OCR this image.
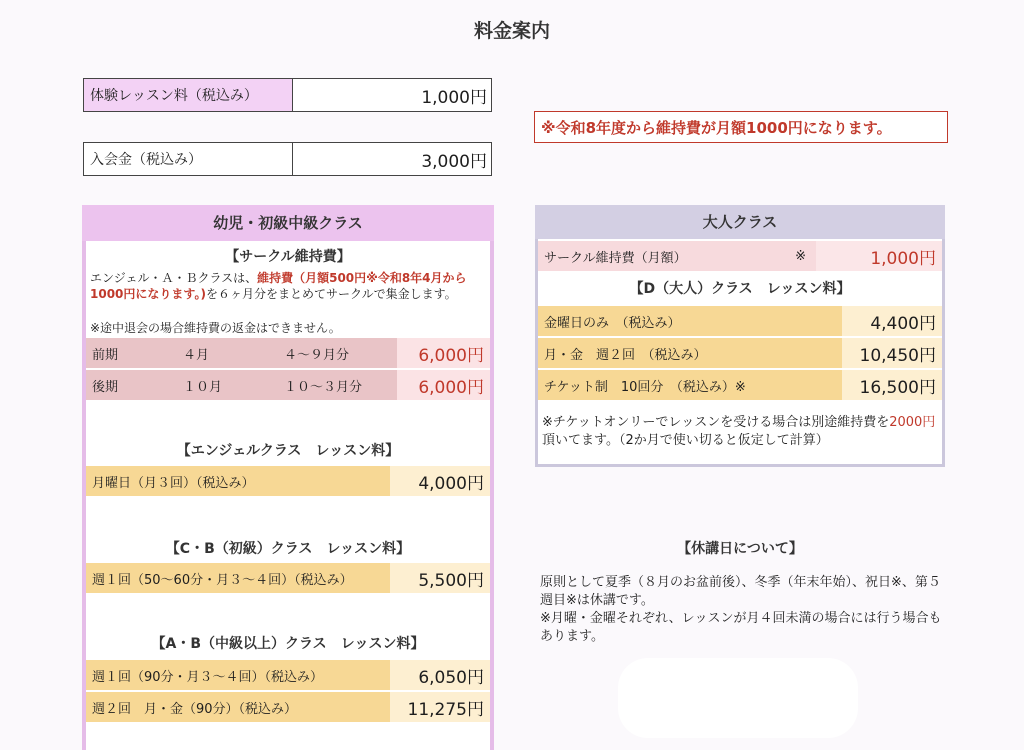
料金案内
体験レッスン料（税込み）	1,000円
入会金（税込み）	3,000円
※令和8年度から維持費が月額1000円になります。
幼児・初級中級クラス
【サークル維持費】
エンジェル・Ａ・Ｂクラスは、維持費（月額500円※令和8年4月から1000円になります。)を６ヶ月分をまとめてサークルで集金します。
※途中退会の場合維持費の返金はできません。
前期	４月	４～９月分	6,000円
後期	１０月	１０～３月分	6,000円
【エンジェルクラス　レッスン料】
月曜日（月３回）（税込み）	4,000円
【C・B（初級）クラス　レッスン料】
週１回（50～60分・月３～４回）（税込み）	5,500円
【A・B（中級以上）クラス　レッスン料】
週１回（90分・月３～４回）（税込み）	6,050円
週２回　月・金（90分）（税込み）	11,275円
大人クラス
サークル維持費（月額）	※	1,000円
【D（大人）クラス　レッスン料】
金曜日のみ　（税込み）	4,400円
月・金　週２回　（税込み）	10,450円
チケット制　10回分　（税込み）※	16,500円
※チケットオンリーでレッスンを受ける場合は別途維持費を2000円頂いてます。（2か月で使い切ると仮定して計算）
【休講日について】
原則として夏季（８月のお盆前後）、冬季（年末年始）、祝日※、第５週目※は休講です。
※月曜・金曜それぞれ、レッスンが月４回未満の場合には行う場合もあります。
